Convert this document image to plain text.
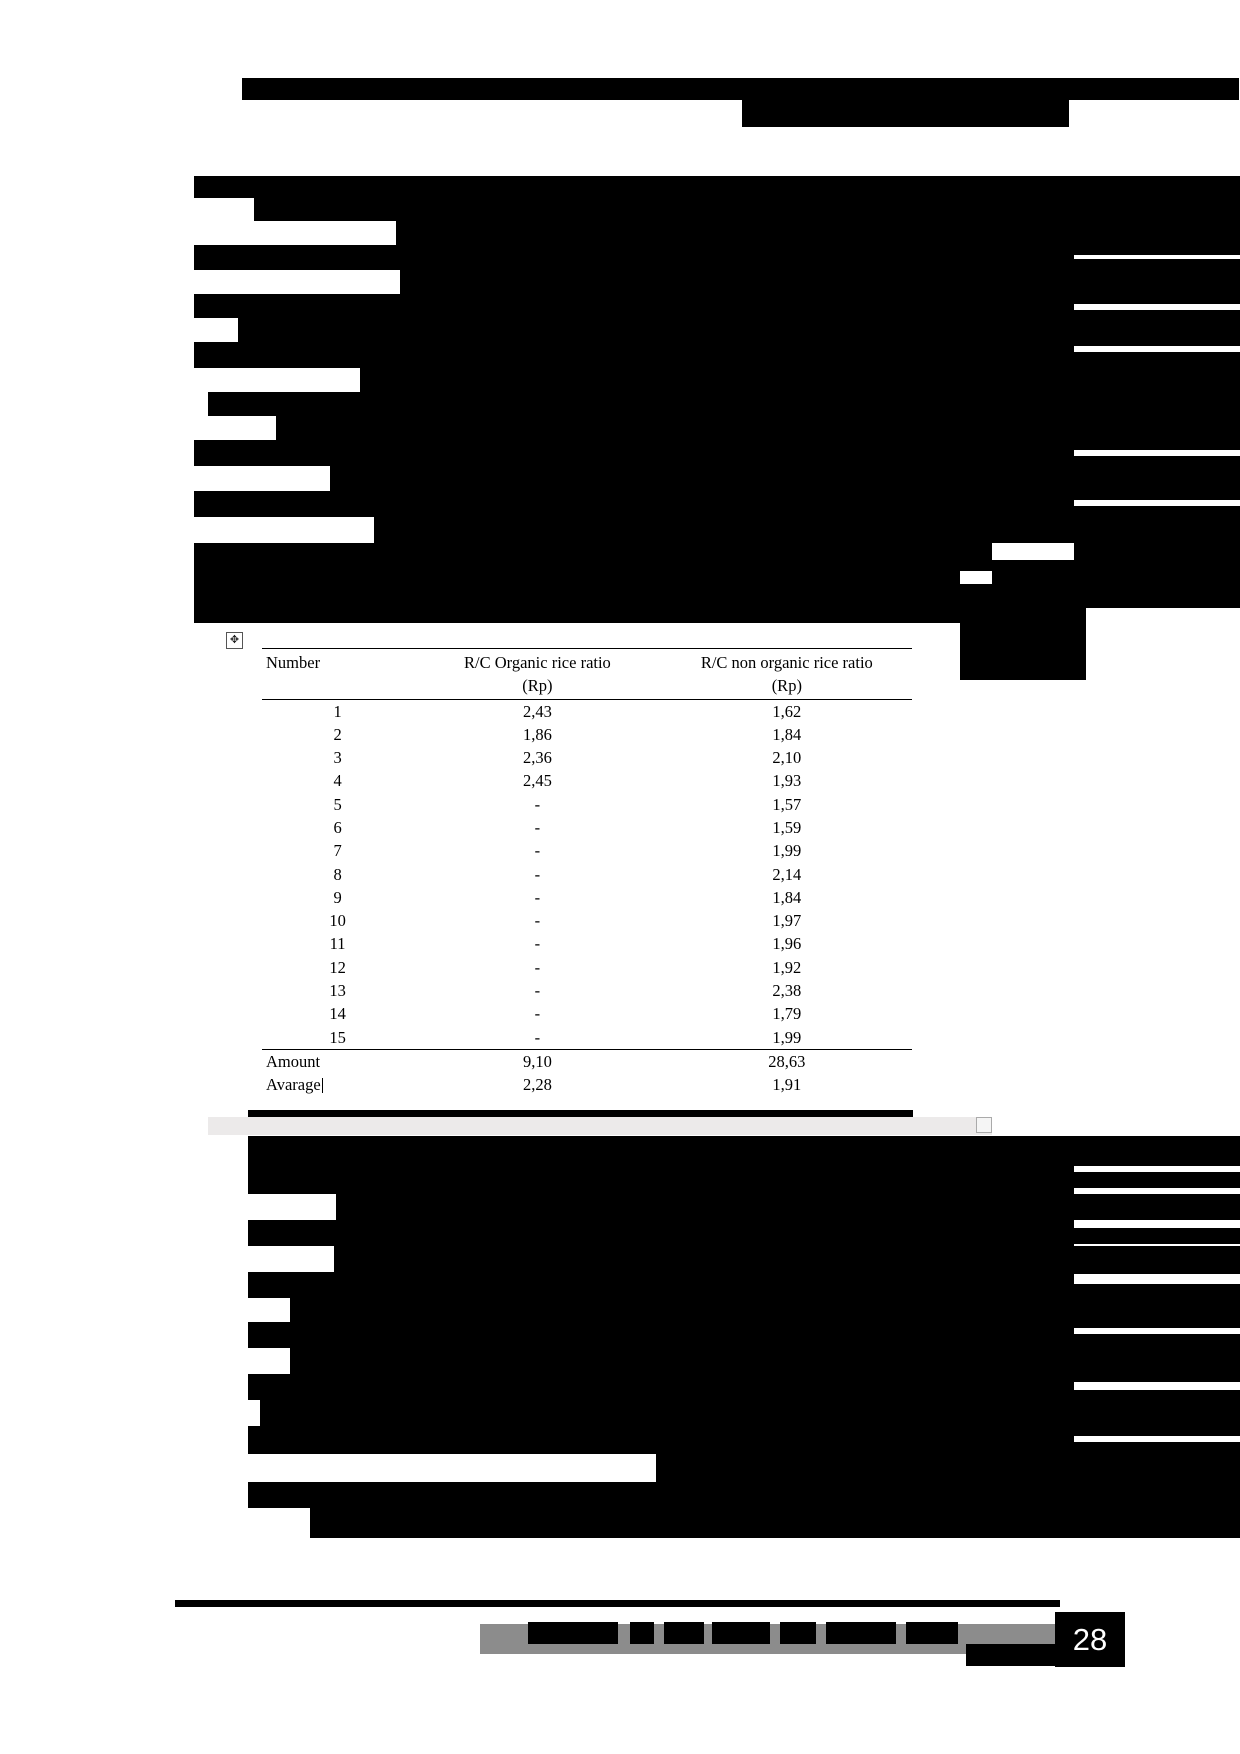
✥
Number	R/C Organic rice ratio	R/C non organic rice ratio
	(Rp)	(Rp)
1	2,43	1,62
2	1,86	1,84
3	2,36	2,10
4	2,45	1,93
5	-	1,57
6	-	1,59
7	-	1,99
8	-	2,14
9	-	1,84
10	-	1,97
11	-	1,96
12	-	1,92
13	-	2,38
14	-	1,79
15	-	1,99
Amount	9,10	28,63
Avarage	2,28	1,91
28
